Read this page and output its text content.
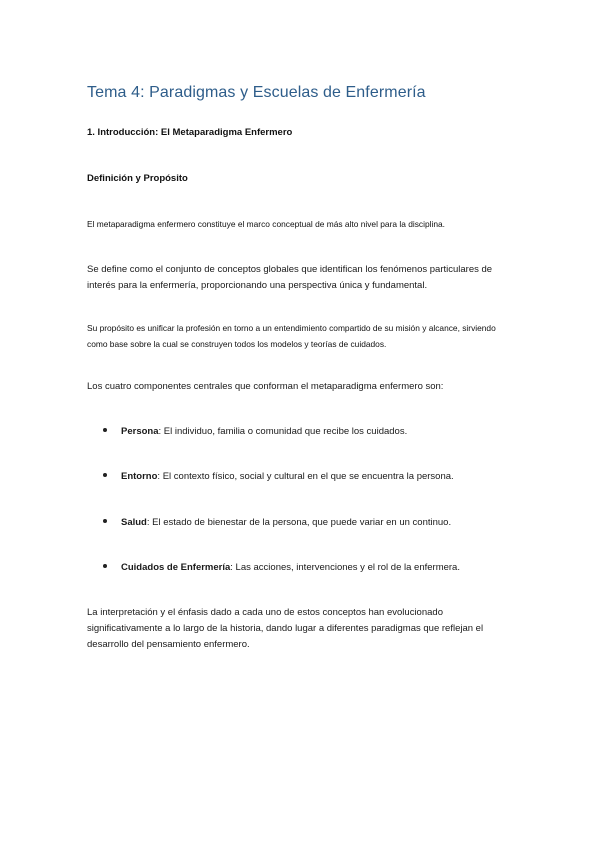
Tema 4: Paradigmas y Escuelas de Enfermería
1. Introducción: El Metaparadigma Enfermero
Definición y Propósito

El metaparadigma enfermero constituye el marco conceptual de más alto nivel para la disciplina.

Se define como el conjunto de conceptos globales que identifican los fenómenos particulares de interés para la enfermería, proporcionando una perspectiva única y fundamental.

Su propósito es unificar la profesión en torno a un entendimiento compartido de su misión y alcance, sirviendo como base sobre la cual se construyen todos los modelos y teorías de cuidados.

Los cuatro componentes centrales que conforman el metaparadigma enfermero son:

Persona: El individuo, familia o comunidad que recibe los cuidados.
Entorno: El contexto físico, social y cultural en el que se encuentra la persona.
Salud: El estado de bienestar de la persona, que puede variar en un continuo.
Cuidados de Enfermería: Las acciones, intervenciones y el rol de la enfermera.

La interpretación y el énfasis dado a cada uno de estos conceptos han evolucionado significativamente a lo largo de la historia, dando lugar a diferentes paradigmas que reflejan el desarrollo del pensamiento enfermero.
